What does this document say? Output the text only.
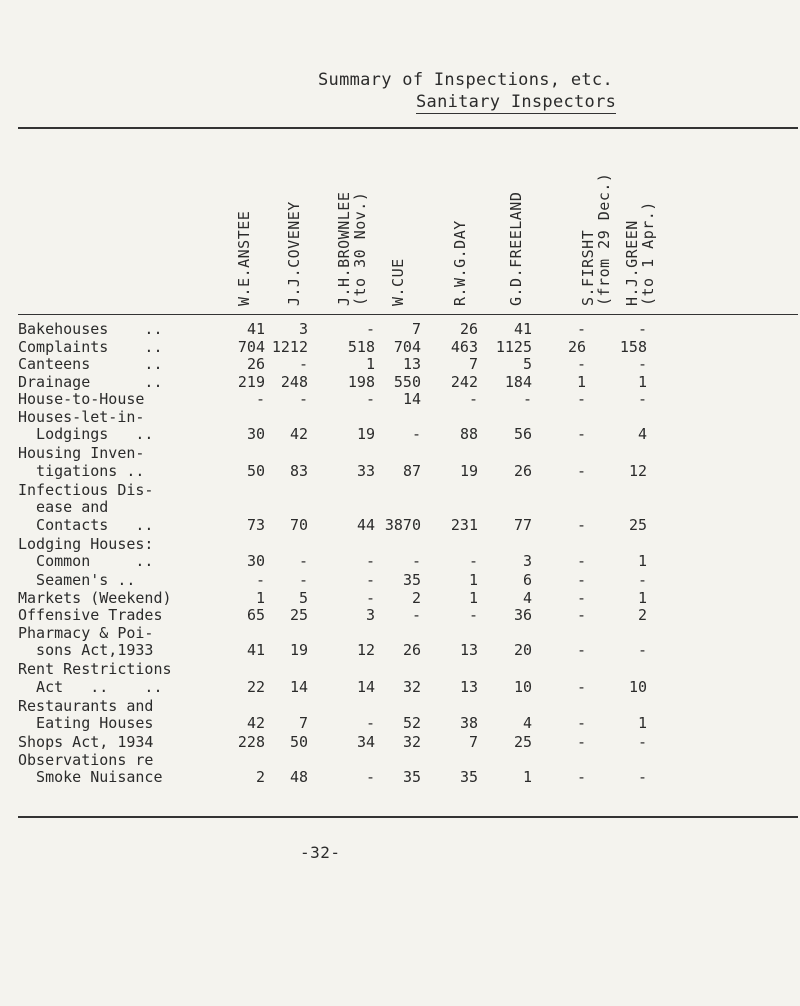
Summary of Inspections, etc.
Sanitary Inspectors
W.E.ANSTEE J.J.COVENEY J.H.BROWNLEE
(to 30 Nov.)
W.CUE	R.W.G.DAY	G.D.FREELAND	S.FIRSHT
(from 29 Dec.)
H.J.GREEN
(to 1 Apr.)
Bakehouses    ..	41 3	- 7	26 41	-	-
Complaints    ..	704 1212	518 704 463 1125 26 158
Canteens      ..	26 -	1 13	7	5	-	-
Drainage      ..	219 248	198 550 242 184	1	1
House-to-House	- -	- 14	-	-	-	-
Houses-let-in-
Lodgings   ..	30 42	19 -	88 56	-	4
Housing Inven-
tigations ..	50 83	33 87	19 26	-	12
Infectious Dis-
ease and
Contacts   ..	73 70	44 3870 231 77	-	25
Lodging Houses:
Common     ..	30 -	- -	-	3	-	1
Seamen's ..	- -	- 35	1	6	-	-
Markets (Weekend)	1 5	- 2	1	4	-	1
Offensive Trades	65 25	3 -	- 36	-	2
Pharmacy & Poi-
sons Act,1933	41 19	12 26	13 20	-	-
Rent Restrictions
Act   ..    ..	22 14	14 32	13 10	-	10
Restaurants and
Eating Houses	42 7	- 52	38	4	-	1
Shops Act, 1934	228 50	34 32	7 25	-	-
Observations re
Smoke Nuisance	2 48	- 35	35	1	-	-
-32-
